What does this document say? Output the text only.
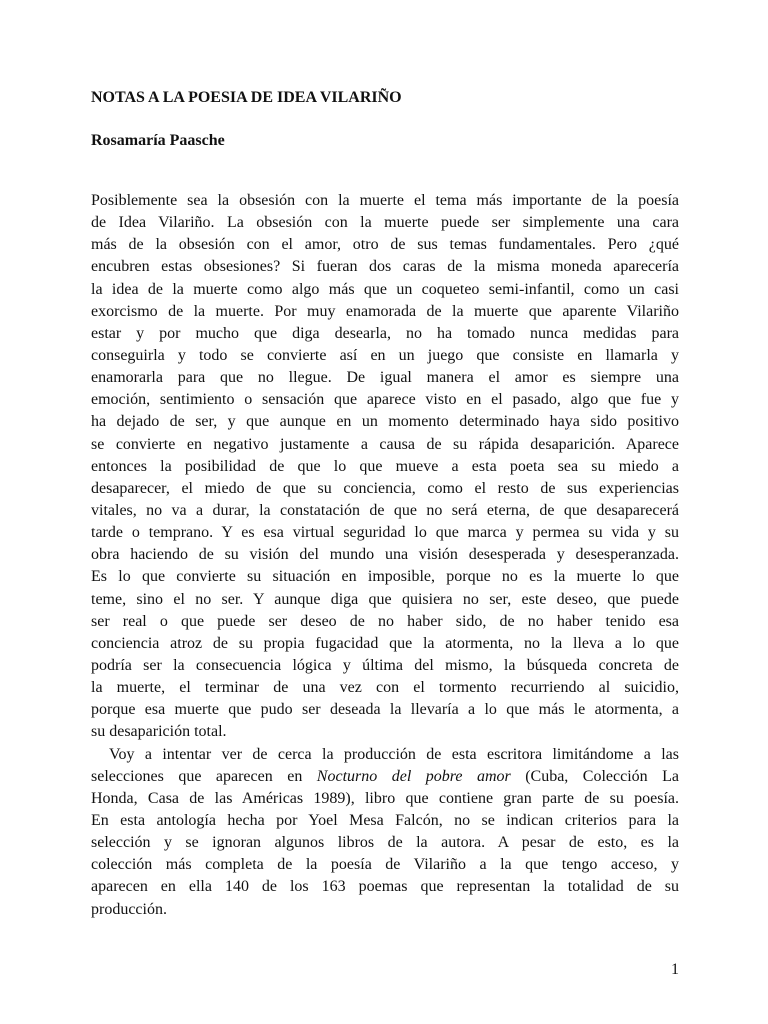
NOTAS A LA POESIA DE IDEA VILARIÑO
Rosamaría Paasche
Posiblemente sea la obsesión con la muerte el tema más importante de la poesía
de Idea Vilariño. La obsesión con la muerte puede ser simplemente una cara
más de la obsesión con el amor, otro de sus temas fundamentales. Pero ¿qué
encubren estas obsesiones? Si fueran dos caras de la misma moneda aparecería
la idea de la muerte como algo más que un coqueteo semi-infantil, como un casi
exorcismo de la muerte. Por muy enamorada de la muerte que aparente Vilariño
estar y por mucho que diga desearla, no ha tomado nunca medidas para
conseguirla y todo se convierte así en un juego que consiste en llamarla y
enamorarla para que no llegue. De igual manera el amor es siempre una
emoción, sentimiento o sensación que aparece visto en el pasado, algo que fue y
ha dejado de ser, y que aunque en un momento determinado haya sido positivo
se convierte en negativo justamente a causa de su rápida desaparición. Aparece
entonces la posibilidad de que lo que mueve a esta poeta sea su miedo a
desaparecer, el miedo de que su conciencia, como el resto de sus experiencias
vitales, no va a durar, la constatación de que no será eterna, de que desaparecerá
tarde o temprano. Y es esa virtual seguridad lo que marca y permea su vida y su
obra haciendo de su visión del mundo una visión desesperada y desesperanzada.
Es lo que convierte su situación en imposible, porque no es la muerte lo que
teme, sino el no ser. Y aunque diga que quisiera no ser, este deseo, que puede
ser real o que puede ser deseo de no haber sido, de no haber tenido esa
conciencia atroz de su propia fugacidad que la atormenta, no la lleva a lo que
podría ser la consecuencia lógica y última del mismo, la búsqueda concreta de
la muerte, el terminar de una vez con el tormento recurriendo al suicidio,
porque esa muerte que pudo ser deseada la llevaría a lo que más le atormenta, a
su desaparición total.
Voy a intentar ver de cerca la producción de esta escritora limitándome a las
selecciones que aparecen en Nocturno del pobre amor (Cuba, Colección La
Honda, Casa de las Américas 1989), libro que contiene gran parte de su poesía.
En esta antología hecha por Yoel Mesa Falcón, no se indican criterios para la
selección y se ignoran algunos libros de la autora. A pesar de esto, es la
colección más completa de la poesía de Vilariño a la que tengo acceso, y
aparecen en ella 140 de los 163 poemas que representan la totalidad de su
producción.
1
